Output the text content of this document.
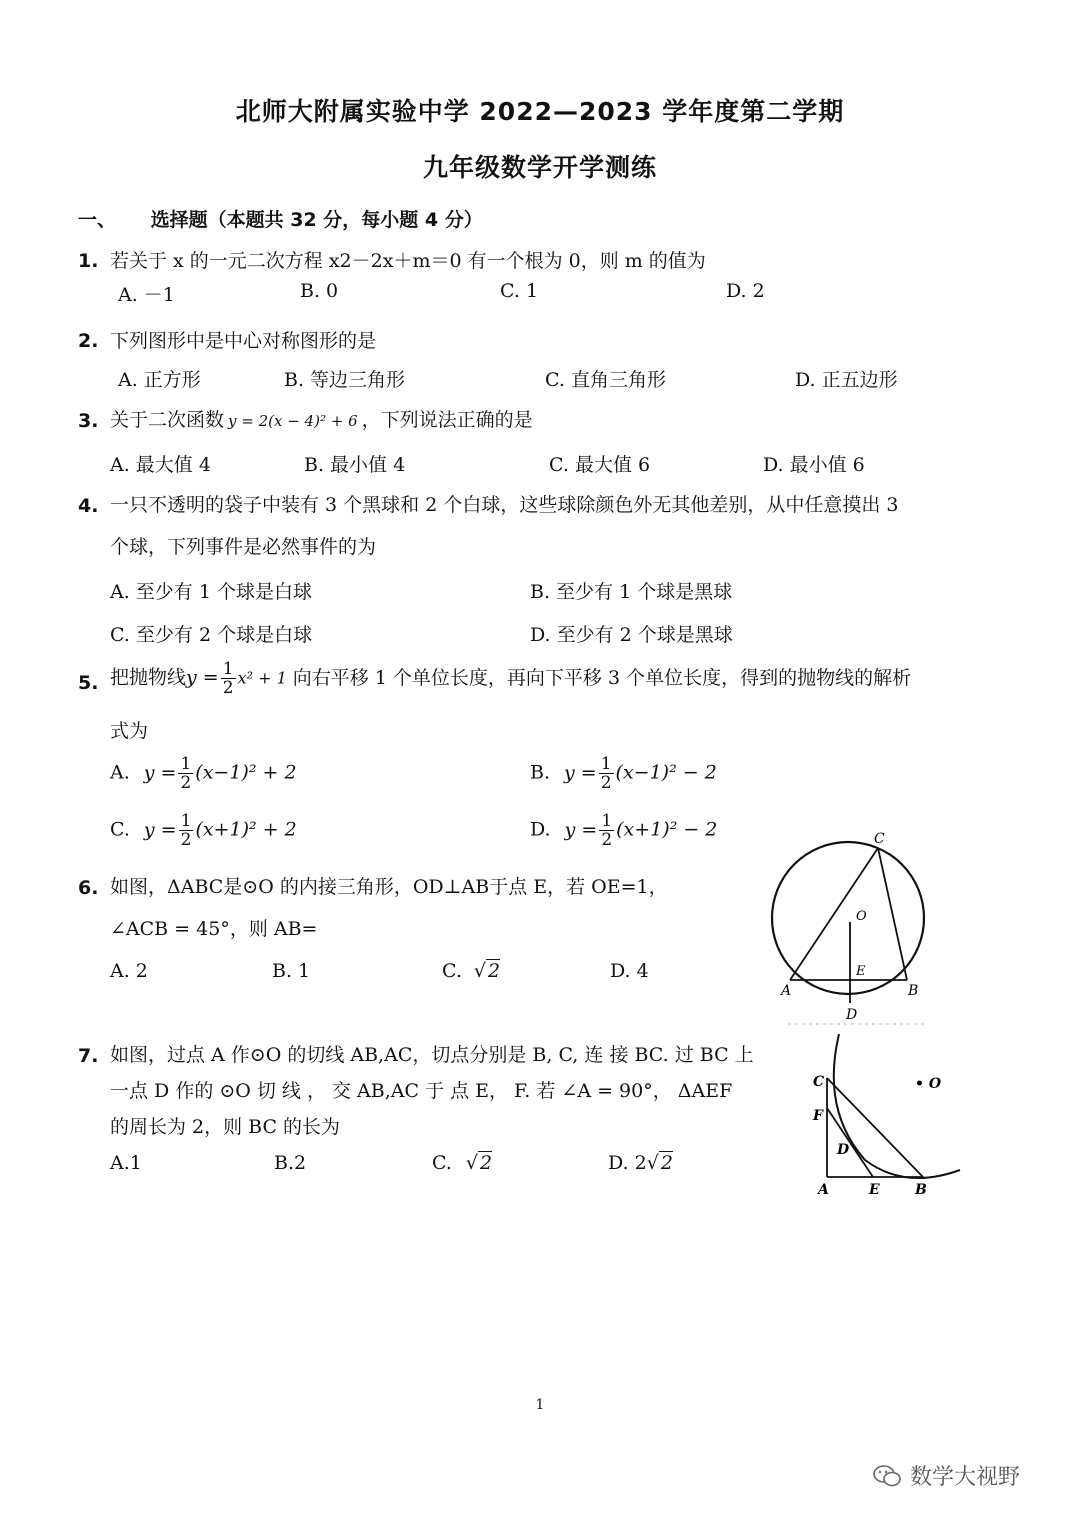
北师大附属实验中学 2022—2023 学年度第二学期
九年级数学开学测练
一、 选择题（本题共 32 分，每小题 4 分）
1. 若关于 x 的一元二次方程 x2－2x＋m＝0 有一个根为 0，则 m 的值为
A. －1	B. 0	C. 1	D. 2
2. 下列图形中是中心对称图形的是
A. 正方形	B. 等边三角形	C. 直角三角形	D. 正五边形
3. 关于二次函数 y = 2(x − 4)² + 6 ，下列说法正确的是
A. 最大值 4	B. 最小值 4	C. 最大值 6	D. 最小值 6
4. 一只不透明的袋子中装有 3 个黑球和 2 个白球，这些球除颜色外无其他差别，从中任意摸出 3
个球，下列事件是必然事件的为
A. 至少有 1 个球是白球	B. 至少有 1 个球是黑球
C. 至少有 2 个球是白球	D. 至少有 2 个球是黑球
5. 把抛物线$y = \frac{1}{2} x^2 + 1$ 向右平移 1 个单位长度，再向下平移 3 个单位长度，得到的抛物线的解析
式为
A. $y = \frac{1}{2} (x-1)^2 + 2$	B. $y = \frac{1}{2} (x-1)^2 - 2$
C. $y = \frac{1}{2} (x+1)^2 + 2$	D. $y = \frac{1}{2} (x+1)^2 - 2$
6. 如图，ΔABC是⊙O 的内接三角形，OD⊥AB于点 E，若 OE=1，
∠ACB = 45°，则 AB=
A. 2	B. 1	C. √ 2	D. 4
C
O
E
A	B
D
7. 如图，过点 A 作⊙O 的切线 AB,AC，切点分别是 B, C, 连 接 BC. 过 BC 上
一点 D 作的 ⊙O 切 线 ， 交 AB,AC 于 点 E， F. 若 ∠A = 90°， ΔAEF
的周长为 2，则 BC 的长为
A.1	B.2	C. √ 2	D. 2√ 2
C
F
D
A	E	B
• O
1
数学大视野
